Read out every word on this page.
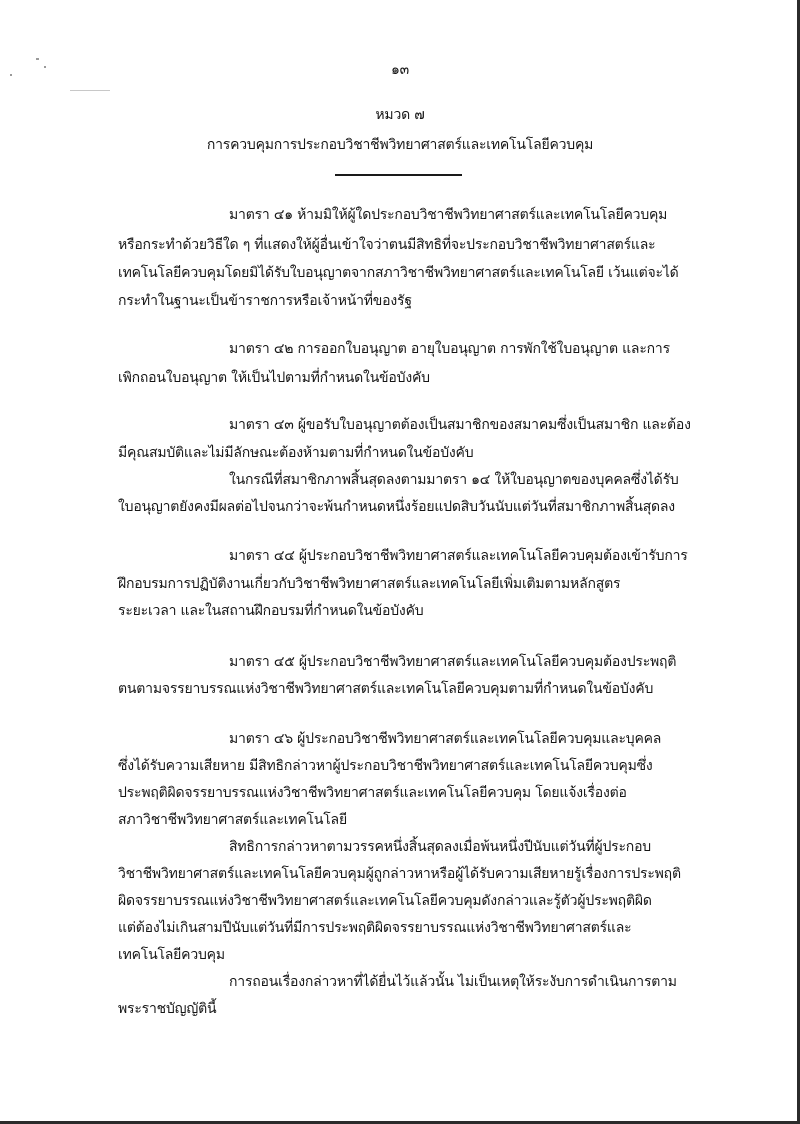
๑๓
หมวด ๗
การควบคุมการประกอบวิชาชีพวิทยาศาสตร์และเทคโนโลยีควบคุม
มาตรา ๔๑ ห้ามมิให้ผู้ใดประกอบวิชาชีพวิทยาศาสตร์และเทคโนโลยีควบคุม
หรือกระทำด้วยวิธีใด ๆ ที่แสดงให้ผู้อื่นเข้าใจว่าตนมีสิทธิที่จะประกอบวิชาชีพวิทยาศาสตร์และ
เทคโนโลยีควบคุมโดยมิได้รับใบอนุญาตจากสภาวิชาชีพวิทยาศาสตร์และเทคโนโลยี เว้นแต่จะได้
กระทำในฐานะเป็นข้าราชการหรือเจ้าหน้าที่ของรัฐ
มาตรา ๔๒ การออกใบอนุญาต อายุใบอนุญาต การพักใช้ใบอนุญาต และการ
เพิกถอนใบอนุญาต ให้เป็นไปตามที่กำหนดในข้อบังคับ
มาตรา ๔๓ ผู้ขอรับใบอนุญาตต้องเป็นสมาชิกของสมาคมซึ่งเป็นสมาชิก และต้อง
มีคุณสมบัติและไม่มีลักษณะต้องห้ามตามที่กำหนดในข้อบังคับ
ในกรณีที่สมาชิกภาพสิ้นสุดลงตามมาตรา ๑๔ ให้ใบอนุญาตของบุคคลซึ่งได้รับ
ใบอนุญาตยังคงมีผลต่อไปจนกว่าจะพ้นกำหนดหนึ่งร้อยแปดสิบวันนับแต่วันที่สมาชิกภาพสิ้นสุดลง
มาตรา ๔๔ ผู้ประกอบวิชาชีพวิทยาศาสตร์และเทคโนโลยีควบคุมต้องเข้ารับการ
ฝึกอบรมการปฏิบัติงานเกี่ยวกับวิชาชีพวิทยาศาสตร์และเทคโนโลยีเพิ่มเติมตามหลักสูตร
ระยะเวลา และในสถานฝึกอบรมที่กำหนดในข้อบังคับ
มาตรา ๔๕ ผู้ประกอบวิชาชีพวิทยาศาสตร์และเทคโนโลยีควบคุมต้องประพฤติ
ตนตามจรรยาบรรณแห่งวิชาชีพวิทยาศาสตร์และเทคโนโลยีควบคุมตามที่กำหนดในข้อบังคับ
มาตรา ๔๖ ผู้ประกอบวิชาชีพวิทยาศาสตร์และเทคโนโลยีควบคุมและบุคคล
ซึ่งได้รับความเสียหาย มีสิทธิกล่าวหาผู้ประกอบวิชาชีพวิทยาศาสตร์และเทคโนโลยีควบคุมซึ่ง
ประพฤติผิดจรรยาบรรณแห่งวิชาชีพวิทยาศาสตร์และเทคโนโลยีควบคุม โดยแจ้งเรื่องต่อ
สภาวิชาชีพวิทยาศาสตร์และเทคโนโลยี
สิทธิการกล่าวหาตามวรรคหนึ่งสิ้นสุดลงเมื่อพ้นหนึ่งปีนับแต่วันที่ผู้ประกอบ
วิชาชีพวิทยาศาสตร์และเทคโนโลยีควบคุมผู้ถูกล่าวหาหรือผู้ได้รับความเสียหายรู้เรื่องการประพฤติ
ผิดจรรยาบรรณแห่งวิชาชีพวิทยาศาสตร์และเทคโนโลยีควบคุมดังกล่าวและรู้ตัวผู้ประพฤติผิด
แต่ต้องไม่เกินสามปีนับแต่วันที่มีการประพฤติผิดจรรยาบรรณแห่งวิชาชีพวิทยาศาสตร์และ
เทคโนโลยีควบคุม
การถอนเรื่องกล่าวหาที่ได้ยื่นไว้แล้วนั้น ไม่เป็นเหตุให้ระงับการดำเนินการตาม
พระราชบัญญัตินี้
